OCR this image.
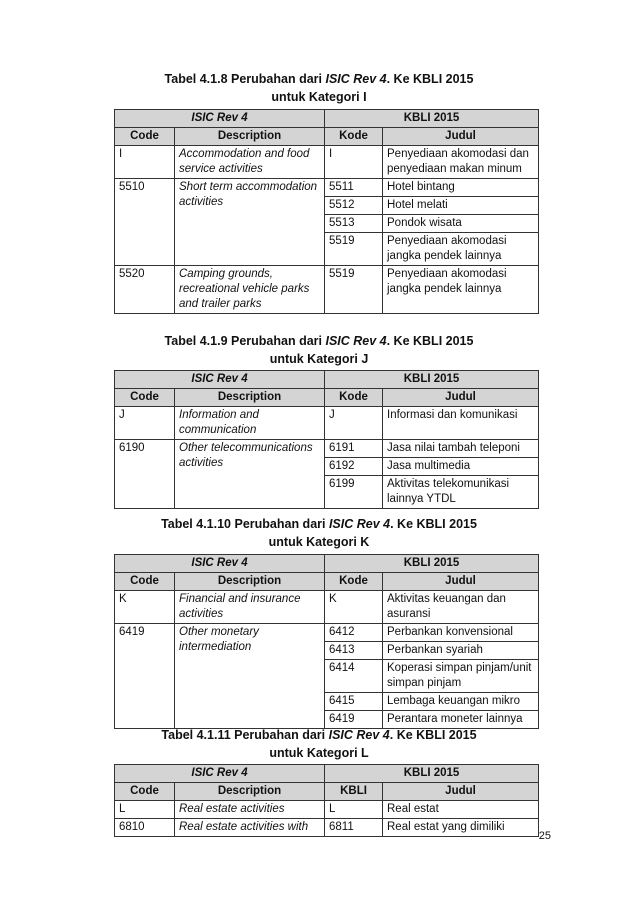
Tabel 4.1.8 Perubahan dari ISIC Rev 4. Ke KBLI 2015
untuk Kategori I
ISIC Rev 4		KBLI 2015	
Code	Description	Kode	Judul
I	Accommodation and food service activities	I	Penyediaan akomodasi dan penyediaan makan minum
5510	Short term accommodation activities	5511	Hotel bintang
		5512	Hotel melati
		5513	Pondok wisata
		5519	Penyediaan akomodasi jangka pendek lainnya
5520	Camping grounds, recreational vehicle parks and trailer parks	5519	Penyediaan akomodasi jangka pendek lainnya
Tabel 4.1.9 Perubahan dari ISIC Rev 4. Ke KBLI 2015
untuk Kategori J
ISIC Rev 4		KBLI 2015	
Code	Description	Kode	Judul
J	Information and communication	J	Informasi dan komunikasi
6190	Other telecommunications activities	6191	Jasa nilai tambah teleponi
		6192	Jasa multimedia
		6199	Aktivitas telekomunikasi lainnya YTDL
Tabel 4.1.10 Perubahan dari ISIC Rev 4. Ke KBLI 2015
untuk Kategori K
ISIC Rev 4		KBLI 2015	
Code	Description	Kode	Judul
K	Financial and insurance activities	K	Aktivitas keuangan dan asuransi
6419	Other monetary intermediation	6412	Perbankan konvensional
		6413	Perbankan syariah
		6414	Koperasi simpan pinjam/unit simpan pinjam
		6415	Lembaga keuangan mikro
		6419	Perantara moneter lainnya
Tabel 4.1.11 Perubahan dari ISIC Rev 4. Ke KBLI 2015
untuk Kategori L
ISIC Rev 4		KBLI 2015	
Code	Description	KBLI	Judul
L	Real estate activities	L	Real estat
6810	Real estate activities with	6811	Real estat yang dimiliki
25
